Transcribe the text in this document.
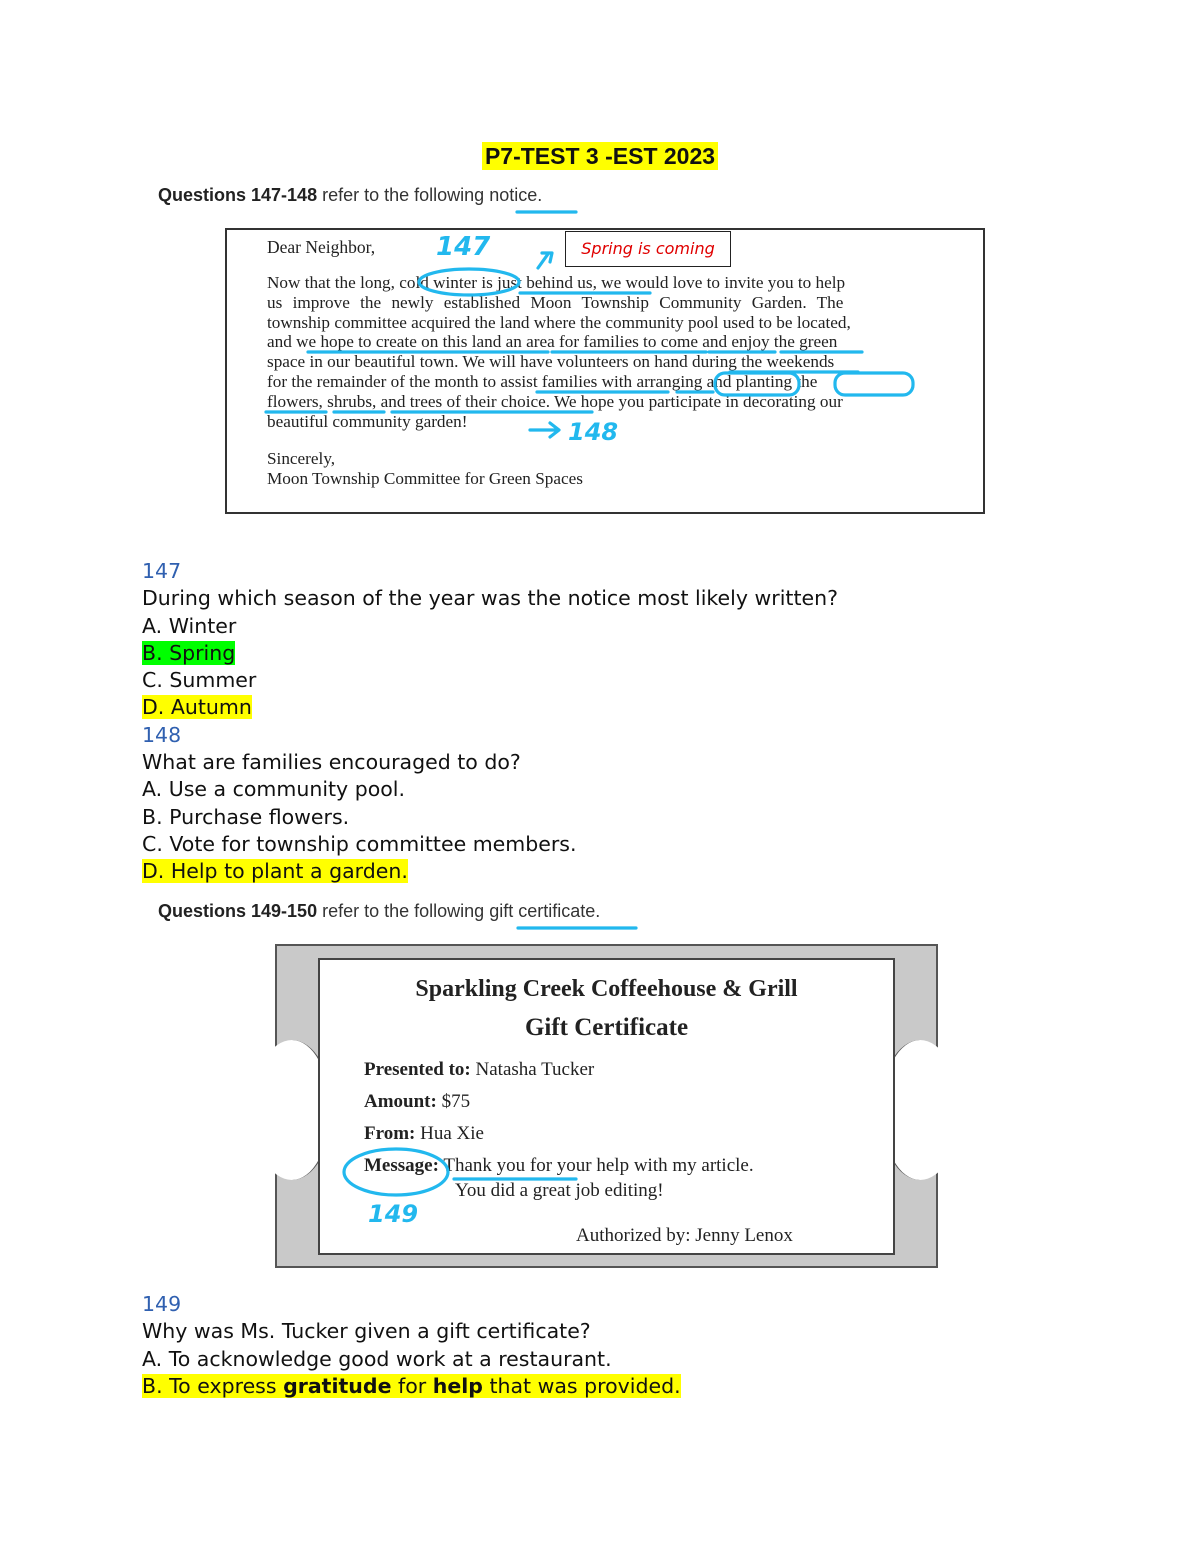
P7-TEST 3 -EST 2023
Questions 147-148 refer to the following notice.
Dear Neighbor,
Now that the long, cold winter is just behind us, we would love to invite you to help
us improve the newly established Moon Township Community Garden. The
township committee acquired the land where the community pool used to be located,
and we hope to create on this land an area for families to come and enjoy the green
space in our beautiful town. We will have volunteers on hand during the weekends
for the remainder of the month to assist families with arranging and planting the
flowers, shrubs, and trees of their choice. We hope you participate in decorating our
beautiful community garden!
Sincerely,
Moon Township Committee for Green Spaces
Spring is coming
147
148
147
During which season of the year was the notice most likely written?
A. Winter
B. Spring
C. Summer
D. Autumn
148
What are families encouraged to do?
A. Use a community pool.
B. Purchase flowers.
C. Vote for township committee members.
D. Help to plant a garden.
Questions 149-150 refer to the following gift certificate.
Sparkling Creek Coffeehouse & Grill
Gift Certificate
Presented to: Natasha Tucker
Amount: $75
From: Hua Xie
Message: Thank you for your help with my article.
You did a great job editing!
Authorized by: Jenny Lenox
149
149
Why was Ms. Tucker given a gift certificate?
A. To acknowledge good work at a restaurant.
B. To express gratitude for help that was provided.
